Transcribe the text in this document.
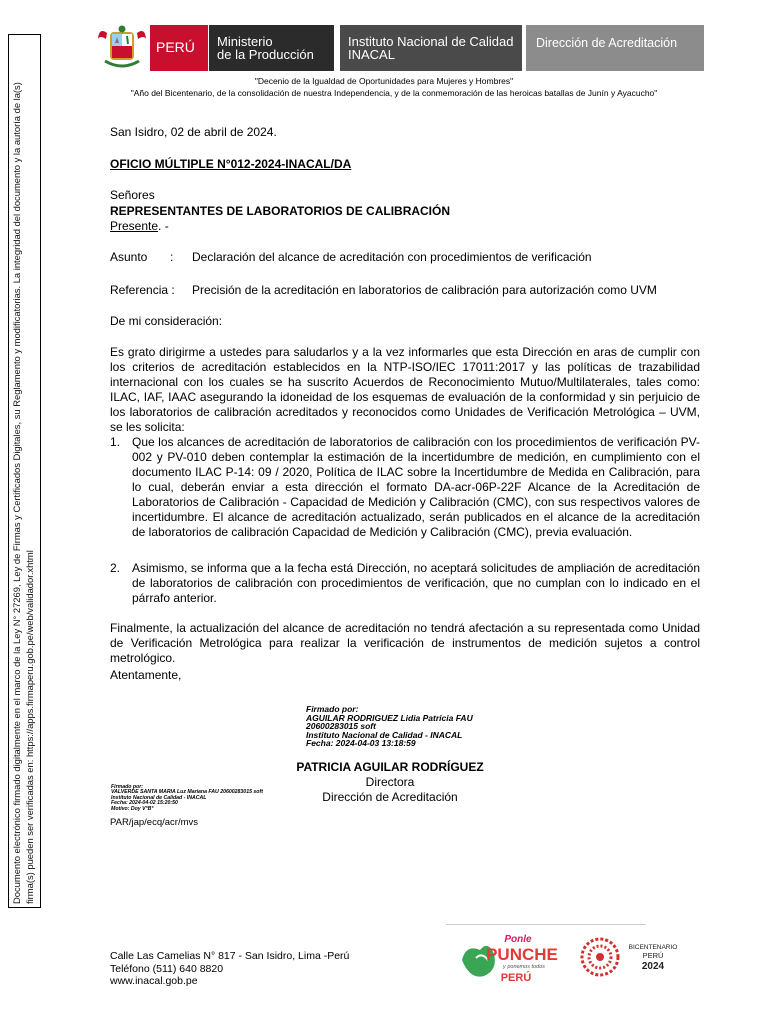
Documento electrónico firmado digitalmente en el marco de la Ley N° 27269, Ley de Firmas y Certificados Digitales, su Reglamento y modificatorias. La integridad del documento y la autoría de la(s) firma(s) pueden ser verificadas en: https://apps.firmaperu.gob.pe/web/validador.xhtml
PERÚ	Ministerio
de la Producción
Instituto Nacional de Calidad
INACAL
Dirección de Acreditación
"Decenio de la Igualdad de Oportunidades para Mujeres y Hombres"
"Año del Bicentenario, de la consolidación de nuestra Independencia, y de la conmemoración de las heroicas batallas de Junín y Ayacucho"
San Isidro, 02 de abril de 2024.
OFICIO MÚLTIPLE N°012-2024-INACAL/DA
Señores
REPRESENTANTES DE LABORATORIOS DE CALIBRACIÓN
Presente. -
Asunto : Declaración del alcance de acreditación con procedimientos de verificación
Referencia : Precisión de la acreditación en laboratorios de calibración para autorización como UVM
De mi consideración:
Es grato dirigirme a ustedes para saludarlos y a la vez informarles que esta Dirección en aras de cumplir con los criterios de acreditación establecidos en la NTP-ISO/IEC 17011:2017 y las políticas de trazabilidad internacional con los cuales se ha suscrito Acuerdos de Reconocimiento Mutuo/Multilaterales, tales como: ILAC, IAF, IAAC asegurando la idoneidad de los esquemas de evaluación de la conformidad y sin perjuicio de los laboratorios de calibración acreditados y reconocidos como Unidades de Verificación Metrológica – UVM, se les solicita:
1. Que los alcances de acreditación de laboratorios de calibración con los procedimientos de verificación PV-002 y PV-010 deben contemplar la estimación de la incertidumbre de medición, en cumplimiento con el documento ILAC P-14: 09 / 2020, Política de ILAC sobre la Incertidumbre de Medida en Calibración, para lo cual, deberán enviar a esta dirección el formato DA-acr-06P-22F Alcance de la Acreditación de Laboratorios de Calibración - Capacidad de Medición y Calibración (CMC), con sus respectivos valores de incertidumbre. El alcance de acreditación actualizado, serán publicados en el alcance de la acreditación de laboratorios de calibración Capacidad de Medición y Calibración (CMC), previa evaluación.
2. Asimismo, se informa que a la fecha está Dirección, no aceptará solicitudes de ampliación de acreditación de laboratorios de calibración con procedimientos de verificación, que no cumplan con lo indicado en el párrafo anterior.
Finalmente, la actualización del alcance de acreditación no tendrá afectación a su representada como Unidad de Verificación Metrológica para realizar la verificación de instrumentos de medición sujetos a control metrológico.
Atentamente,
Firmado por:
AGUILAR RODRIGUEZ Lidia Patricia FAU
20600283015 soft
Instituto Nacional de Calidad - INACAL
Fecha: 2024-04-03 13:18:59
PATRICIA AGUILAR RODRÍGUEZ
Directora
Dirección de Acreditación
Firmado por:
VALVERDE SANTA MARIA Luz Mariana FAU 20600283015 soft
Instituto Nacional de Calidad - INACAL
Fecha: 2024-04-02 15:20:50
Motivo: Doy V°B°
PAR/jap/ecq/acr/mvs
Calle Las Camelias N° 817 - San Isidro, Lima -Perú
Teléfono (511) 640 8820
www.inacal.gob.pe
Ponle
PUNCHE
y ponemos todos
PERÚ
BICENTENARIO
PERÚ
2024
